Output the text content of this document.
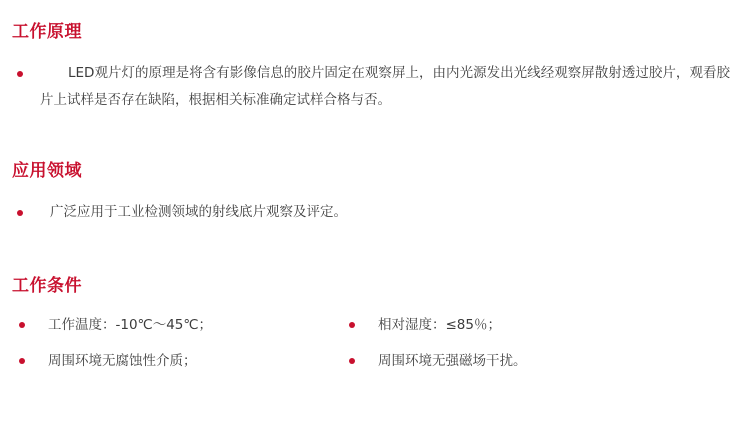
工作原理
LED观片灯的原理是将含有影像信息的胶片固定在观察屏上，由内光源发出光线经观察屏散射透过胶片，观看胶片上试样是否存在缺陷，根据相关标准确定试样合格与否。
应用领域
广泛应用于工业检测领域的射线底片观察及评定。
工作条件
工作温度：-10℃～45℃；	相对湿度：≤85％；
周围环境无腐蚀性介质；	周围环境无强磁场干扰。
